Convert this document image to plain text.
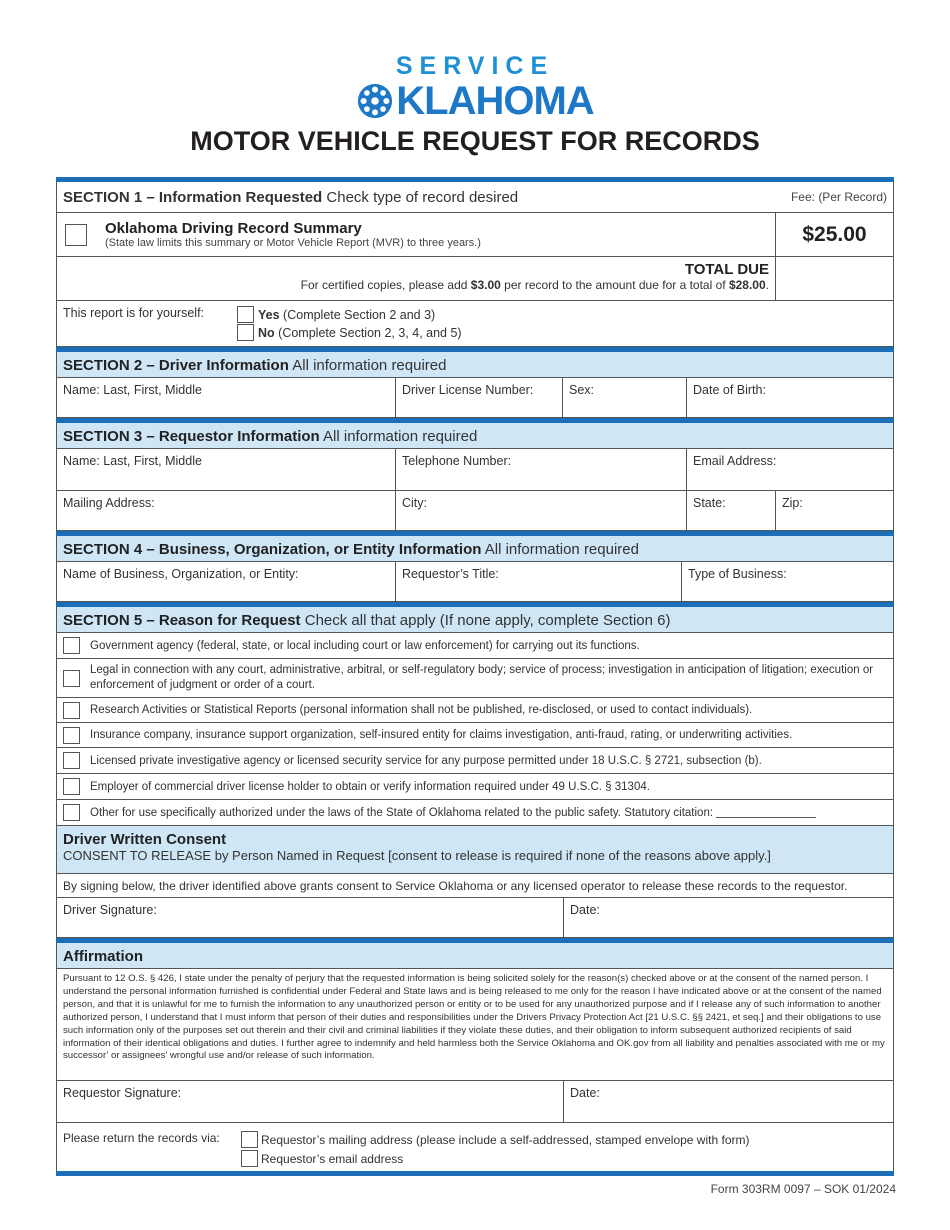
SERVICE
KLAHOMA
MOTOR VEHICLE REQUEST FOR RECORDS
SECTION 1 – Information Requested Check type of record desired	Fee: (Per Record)
Oklahoma Driving Record Summary
(State law limits this summary or Motor Vehicle Report (MVR) to three years.)	$25.00
TOTAL DUE
For certified copies, please add $3.00 per record to the amount due for a total of $28.00.
This report is for yourself:	Yes
(Complete Section 2 and 3)
No
(Complete Section 2, 3, 4, and 5)
SECTION 2 – Driver Information All information required
Name: Last, First, Middle	Driver License Number:	Sex:	Date of Birth:
SECTION 3 – Requestor Information All information required
Name: Last, First, Middle	Telephone Number:	Email Address:
Mailing Address:	City:	State:	Zip:
SECTION 4 – Business, Organization, or Entity Information All information required
Name of Business, Organization, or Entity:	Requestor’s Title:	Type of Business:
SECTION 5 – Reason for Request Check all that apply (If none apply, complete Section 6)
Government agency (federal, state, or local including court or law enforcement) for carrying out its functions.
Legal in connection with any court, administrative, arbitral, or self-regulatory body; service of process; investigation in anticipation of litigation; execution or enforcement of judgment or order of a court.
Research Activities or Statistical Reports (personal information shall not be published, re-disclosed, or used to contact individuals).
Insurance company, insurance support organization, self-insured entity for claims investigation, anti-fraud, rating, or underwriting activities.
Licensed private investigative agency or licensed security service for any purpose permitted under 18 U.S.C. § 2721, subsection (b).
Employer of commercial driver license holder to obtain or verify information required under 49 U.S.C. § 31304.
Other for use specifically authorized under the laws of the State of Oklahoma related to the public safety. Statutory citation:
Driver Written Consent
CONSENT TO RELEASE by Person Named in Request [consent to release is required if none of the reasons above apply.]
By signing below, the driver identified above grants consent to Service Oklahoma or any licensed operator to release these records to the requestor.
Driver Signature:	Date:
Affirmation
Pursuant to 12 O.S. § 426, I state under the penalty of perjury that the requested information is being solicited solely for the reason(s) checked above or at the consent of the named person. I understand the personal information furnished is confidential under Federal and State laws and is being released to me only for the reason I have indicated above or at the consent of the named person, and that it is unlawful for me to furnish the information to any unauthorized person or entity or to be used for any unauthorized purpose and if I release any of such information to another authorized person, I understand that I must inform that person of their duties and responsibilities under the Drivers Privacy Protection Act [21 U.S.C. §§ 2421, et seq.] and their obligations to use such information only of the purposes set out therein and their civil and criminal liabilities if they violate these duties, and their obligation to inform subsequent authorized recipients of said information of their identical obligations and duties. I further agree to indemnify and held harmless both the Service Oklahoma and OK.gov from all liability and penalties associated with me or my successor’ or assignees’ wrongful use and/or release of such information.
Requestor Signature:	Date:
Please return the records via:	Requestor’s mailing address (please include a self-addressed, stamped envelope with form)
Requestor’s email address
Form 303RM 0097 – SOK 01/2024
